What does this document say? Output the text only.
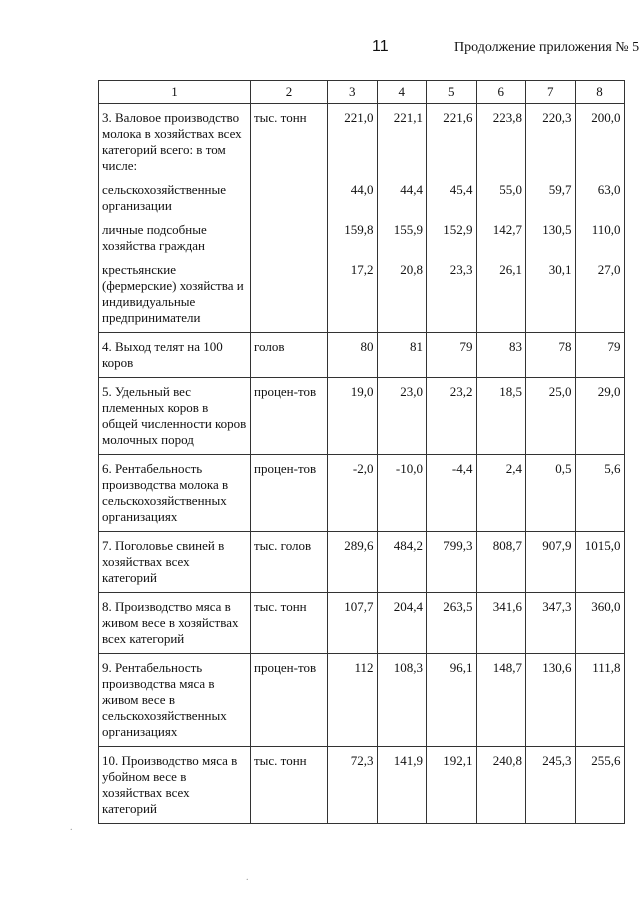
11	Продолжение приложения № 5
1	2	3	4	5	6	7	8
3. Валовое производство молока в хозяйствах всех категорий всего: в том числе:	тыс. тонн	221,0	221,1	221,6	223,8	220,3	200,0
сельскохозяйственные организации		44,0	44,4	45,4	55,0	59,7	63,0
личные подсобные хозяйства граждан		159,8	155,9	152,9	142,7	130,5	110,0
крестьянские (фермерские) хозяйства и индивидуальные предприниматели		17,2	20,8	23,3	26,1	30,1	27,0
4. Выход телят на 100 коров	голов	80	81	79	83	78	79
5. Удельный вес племенных коров в общей численности коров молочных пород	процен-тов	19,0	23,0	23,2	18,5	25,0	29,0
6. Рентабельность производства молока в сельскохозяйственных организациях	процен-тов	-2,0	-10,0	-4,4	2,4	0,5	5,6
7. Поголовье свиней в хозяйствах всех категорий	тыс. голов	289,6	484,2	799,3	808,7	907,9	1015,0
8. Производство мяса в живом весе в хозяйствах всех категорий	тыс. тонн	107,7	204,4	263,5	341,6	347,3	360,0
9. Рентабельность производства мяса в живом весе в сельскохозяйственных организациях	процен-тов	112	108,3	96,1	148,7	130,6	111,8
10. Производство мяса в убойном весе в хозяйствах всех категорий	тыс. тонн	72,3	141,9	192,1	240,8	245,3	255,6
.
.
